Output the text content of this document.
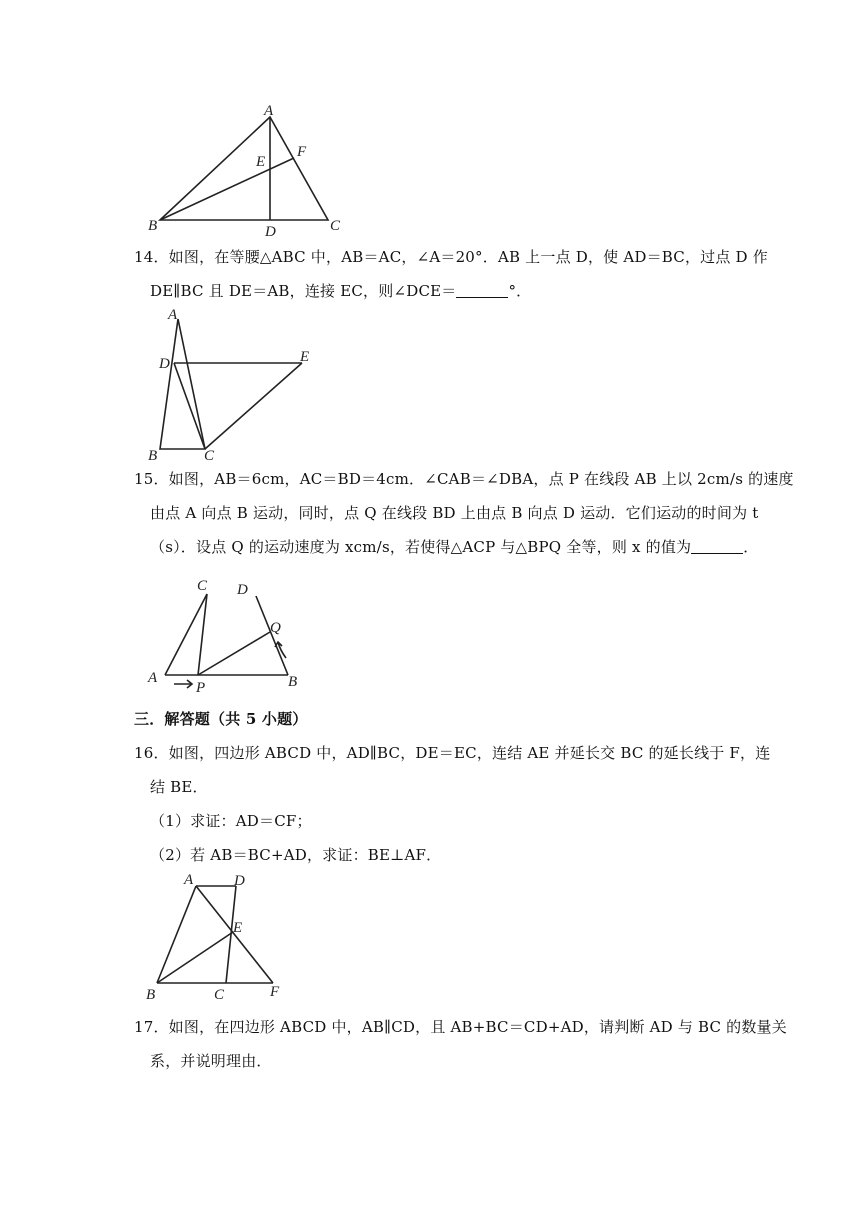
A
B	C
D
E
F
14．如图，在等腰△ABC 中，AB＝AC，∠A＝20°．AB 上一点 D，使 AD＝BC，过点 D 作
DE∥BC 且 DE＝AB，连接 EC，则∠DCE＝	°．
A
D	E
B	C
15．如图，AB＝6cm，AC＝BD＝4cm．∠CAB＝∠DBA，点 P 在线段 AB 上以 2cm/s 的速度
由点 A 向点 B 运动，同时，点 Q 在线段 BD 上由点 B 向点 D 运动．它们运动的时间为 t
（s）．设点 Q 的运动速度为 xcm/s，若使得△ACP 与△BPQ 全等，则 x 的值为	．
C D
Q
A
P	B
三．解答题（共 5 小题）
16．如图，四边形 ABCD 中，AD∥BC，DE＝EC，连结 AE 并延长交 BC 的延长线于 F，连
结 BE．
（1）求证：AD＝CF；
（2）若 AB＝BC+AD，求证：BE⊥AF．
A	D
E
B	C	F
17．如图，在四边形 ABCD 中，AB∥CD，且 AB+BC＝CD+AD，请判断 AD 与 BC 的数量关
系，并说明理由．
